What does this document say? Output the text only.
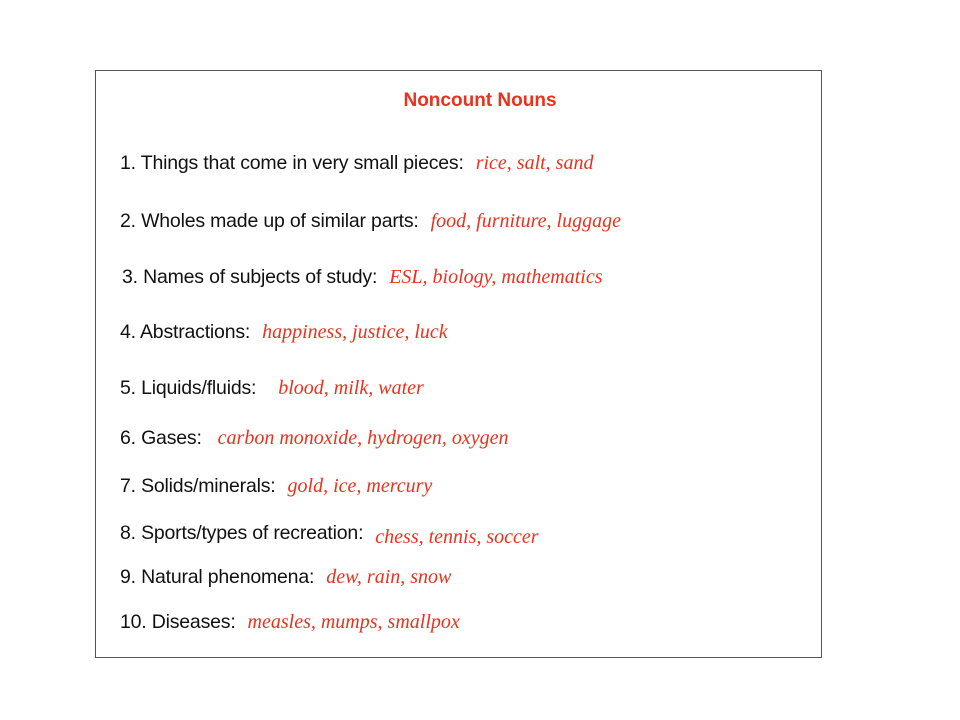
Noncount Nouns
1. Things that come in very small pieces: rice, salt, sand
2. Wholes made up of similar parts: food, furniture, luggage
3. Names of subjects of study: ESL, biology, mathematics
4. Abstractions: happiness, justice, luck
5. Liquids/fluids: blood, milk, water
6. Gases: carbon monoxide, hydrogen, oxygen
7. Solids/minerals: gold, ice, mercury
8. Sports/types of recreation: chess, tennis, soccer
9. Natural phenomena: dew, rain, snow
10. Diseases: measles, mumps, smallpox
